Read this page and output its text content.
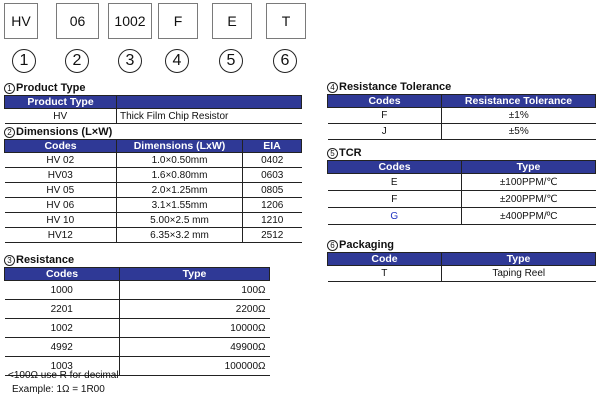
HV	06	1002	F	E	T
1	2	3	4	5	6
1 Product Type
Product Type	
HV	Thick Film Chip Resistor
2 Dimensions (L×W)
Codes	Dimensions (LxW)	EIA
HV 02	1.0×0.50mm	0402
HV03	1.6×0.80mm	0603
HV 05	2.0×1.25mm	0805
HV 06	3.1×1.55mm	1206
HV 10	5.00×2.5 mm	1210
HV12	6.35×3.2 mm	2512
3 Resistance
Codes	Type
1000	100Ω
2201	2200Ω
1002	10000Ω
4992	49900Ω
1003	100000Ω
<100Ω use R for decimal
Example: 1Ω = 1R00
4 Resistance Tolerance
Codes	Resistance Tolerance
F	±1%
J	±5%
5 TCR
Codes	Type
E	±100PPM/℃
F	±200PPM/℃
G	±400PPM/ºC
6 Packaging
Code	Type
T	Taping Reel
